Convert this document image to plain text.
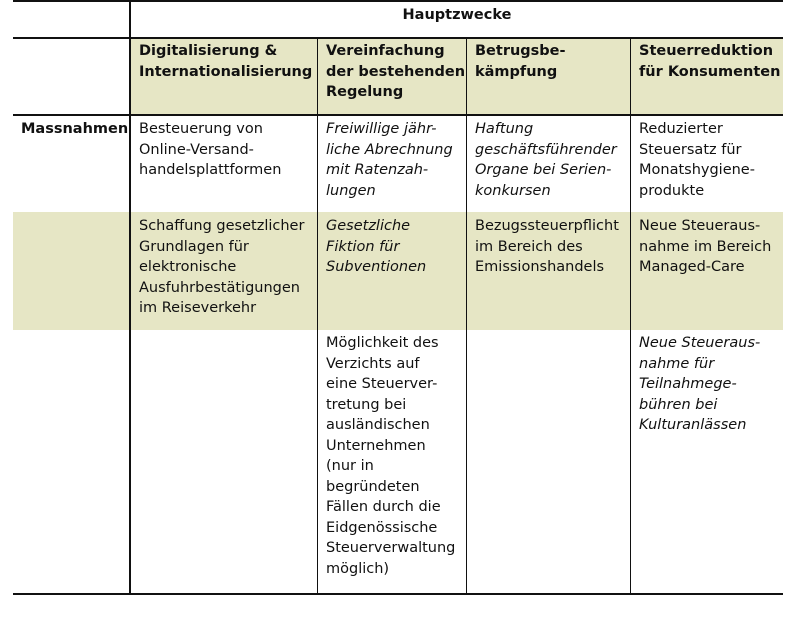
Hauptzwecke
Digitalisierung &
Internationalisierung
Vereinfachung
der bestehenden
Regelung
Betrugsbe-
kämpfung
Steuerreduktion
für Konsumenten
Massnahmen Besteuerung von
Online-Versand-
handelsplattformen
Freiwillige jähr-
liche Abrechnung
mit Ratenzah-
lungen
Haftung
geschäftsführender
Organe bei Serien-
konkursen
Reduzierter
Steuersatz für
Monatshygiene-
produkte
Schaffung gesetzlicher
Grundlagen für
elektronische
Ausfuhrbestätigungen
im Reiseverkehr
Gesetzliche
Fiktion für
Subventionen
Bezugssteuerpflicht
im Bereich des
Emissionshandels
Neue Steueraus-
nahme im Bereich
Managed-Care
Möglichkeit des
Verzichts auf
eine Steuerver-
tretung bei
ausländischen
Unternehmen
(nur in
begründeten
Fällen durch die
Eidgenössische
Steuerverwaltung
möglich)
Neue Steueraus-
nahme für
Teilnahmege-
bühren bei
Kulturanlässen
